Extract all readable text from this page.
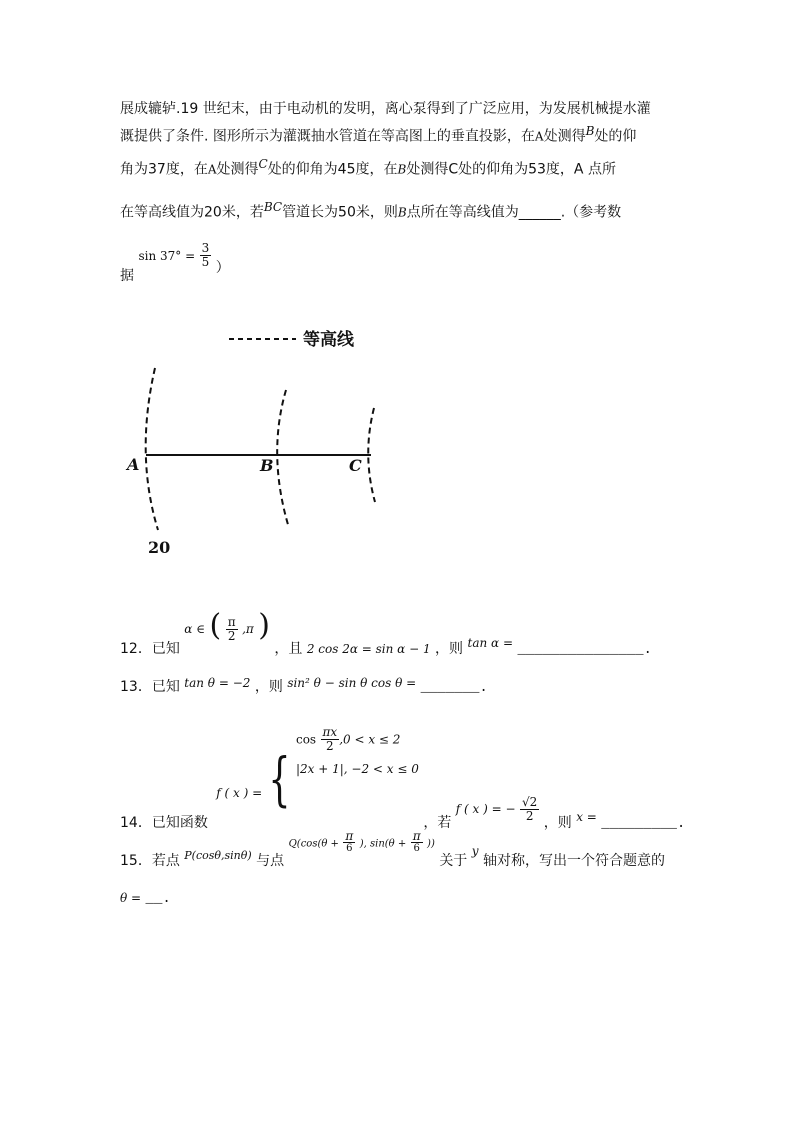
展成辘轳.19 世纪末，由于电动机的发明，离心泵得到了广泛应用，为发展机械提水灌
溉提供了条件. 图形所示为灌溉抽水管道在等高图上的垂直投影，在A处测得$^B$处的仰
角为37度，在A处测得$^C$处的仰角为45度，在B处测得C处的仰角为53度，A 点所
在等高线值为20米，若$^{BC}$管道长为50米，则B点所在等高线值为______.（参考数
据 $\sin 37^\circ = \frac{3}{5}$ ）
等高线
A	B	C
20
12．已知 α ∈ ( $\frac{\pi}{2} ,\pi$ ) ，且 2 cos 2α = sin α − 1 ，则 tan α = _______________.
13．已知 tan θ = −2 ，则 sin² θ − sin θ cos θ = _______.
14．已知函数 f ( x ) = {
$\cos \frac{\pi x}{2} ,0 < x \le 2$
|2x + 1|, −2 < x ≤ 0
，若 f ( x ) = − $\frac{√2}{2}$
，则 x = _________.
15．若点 $_{P(cos\theta,sin\theta)}$ 与点 $Q(\cos(\theta + \frac{\pi}{6}$ ), $\sin(\theta + \frac{\pi}{6}$ )) 关于 y 轴对称，写出一个符合题意的
θ = __.
